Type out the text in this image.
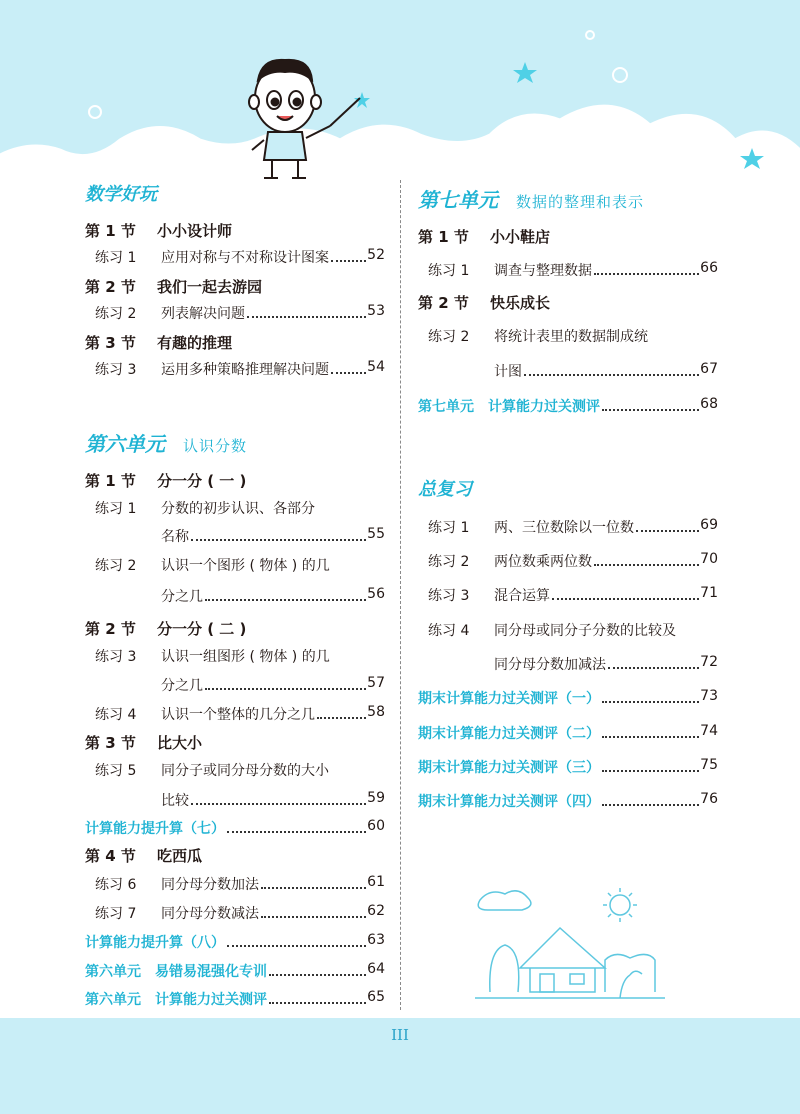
数学好玩
第 1 节 小小设计师
练习 1 应用对称与不对称设计图案	52
第 2 节 我们一起去游园
练习 2 列表解决问题	53
第 3 节 有趣的推理
练习 3 运用多种策略推理解决问题	54
第六单元 认识分数
第 1 节 分一分 ( 一 )
练习 1 分数的初步认识、各部分
名称	55
练习 2 认识一个图形 ( 物体 ) 的几
分之几	56
第 2 节 分一分 ( 二 )
练习 3 认识一组图形 ( 物体 ) 的几
分之几	57
练习 4 认识一个整体的几分之几	58
第 3 节 比大小
练习 5 同分子或同分母分数的大小
比较	59
计算能力提升算（七）	60
第 4 节 吃西瓜
练习 6 同分母分数加法	61
练习 7 同分母分数减法	62
计算能力提升算（八）	63
第六单元　易错易混强化专训	64
第六单元　计算能力过关测评	65
第七单元 数据的整理和表示
第 1 节 小小鞋店
练习 1 调查与整理数据	66
第 2 节 快乐成长
练习 2 将统计表里的数据制成统
计图	67
第七单元　计算能力过关测评	68
总复习
练习 1 两、三位数除以一位数	69
练习 2 两位数乘两位数	70
练习 3 混合运算	71
练习 4 同分母或同分子分数的比较及
同分母分数加减法	72
期末计算能力过关测评（一）	73
期末计算能力过关测评（二）	74
期末计算能力过关测评（三）	75
期末计算能力过关测评（四）	76
III
